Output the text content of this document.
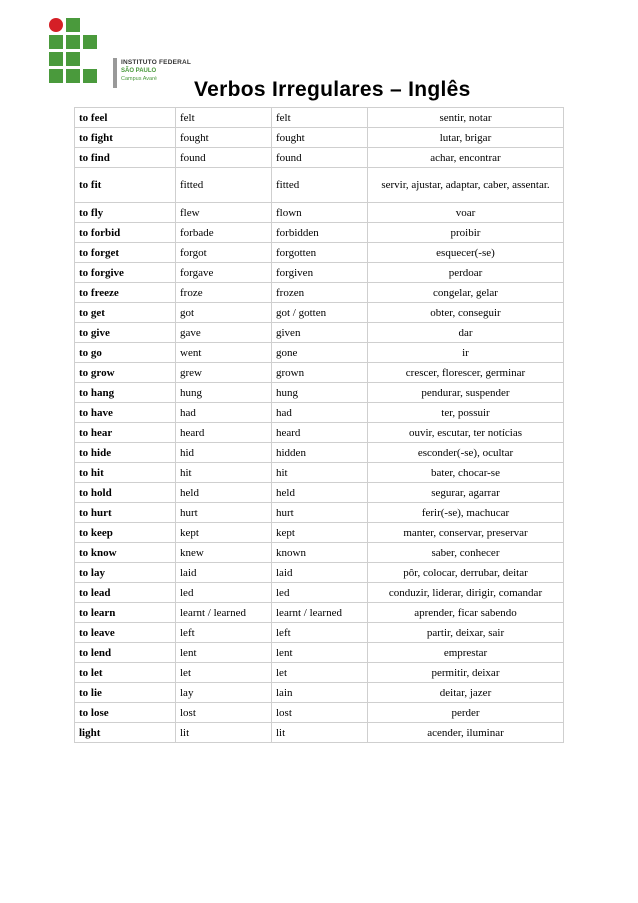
INSTITUTO FEDERAL
SÃO PAULO
Campus Avaré Verbos Irregulares – Inglês
to feel	felt	felt	sentir, notar
to fight	fought	fought	lutar, brigar
to find	found	found	achar, encontrar
to fit	fitted	fitted	servir, ajustar, adaptar, caber, assentar.
to fly	flew	flown	voar
to forbid	forbade	forbidden	proibir
to forget	forgot	forgotten	esquecer(-se)
to forgive	forgave	forgiven	perdoar
to freeze	froze	frozen	congelar, gelar
to get	got	got / gotten	obter, conseguir
to give	gave	given	dar
to go	went	gone	ir
to grow	grew	grown	crescer, florescer, germinar
to hang	hung	hung	pendurar, suspender
to have	had	had	ter, possuir
to hear	heard	heard	ouvir, escutar, ter notícias
to hide	hid	hidden	esconder(-se), ocultar
to hit	hit	hit	bater, chocar-se
to hold	held	held	segurar, agarrar
to hurt	hurt	hurt	ferir(-se), machucar
to keep	kept	kept	manter, conservar, preservar
to know	knew	known	saber, conhecer
to lay	laid	laid	pôr, colocar, derrubar, deitar
to lead	led	led	conduzir, liderar, dirigir, comandar
to learn	learnt / learned	learnt / learned	aprender, ficar sabendo
to leave	left	left	partir, deixar, sair
to lend	lent	lent	emprestar
to let	let	let	permitir, deixar
to lie	lay	lain	deitar, jazer
to lose	lost	lost	perder
light	lit	lit	acender, iluminar
